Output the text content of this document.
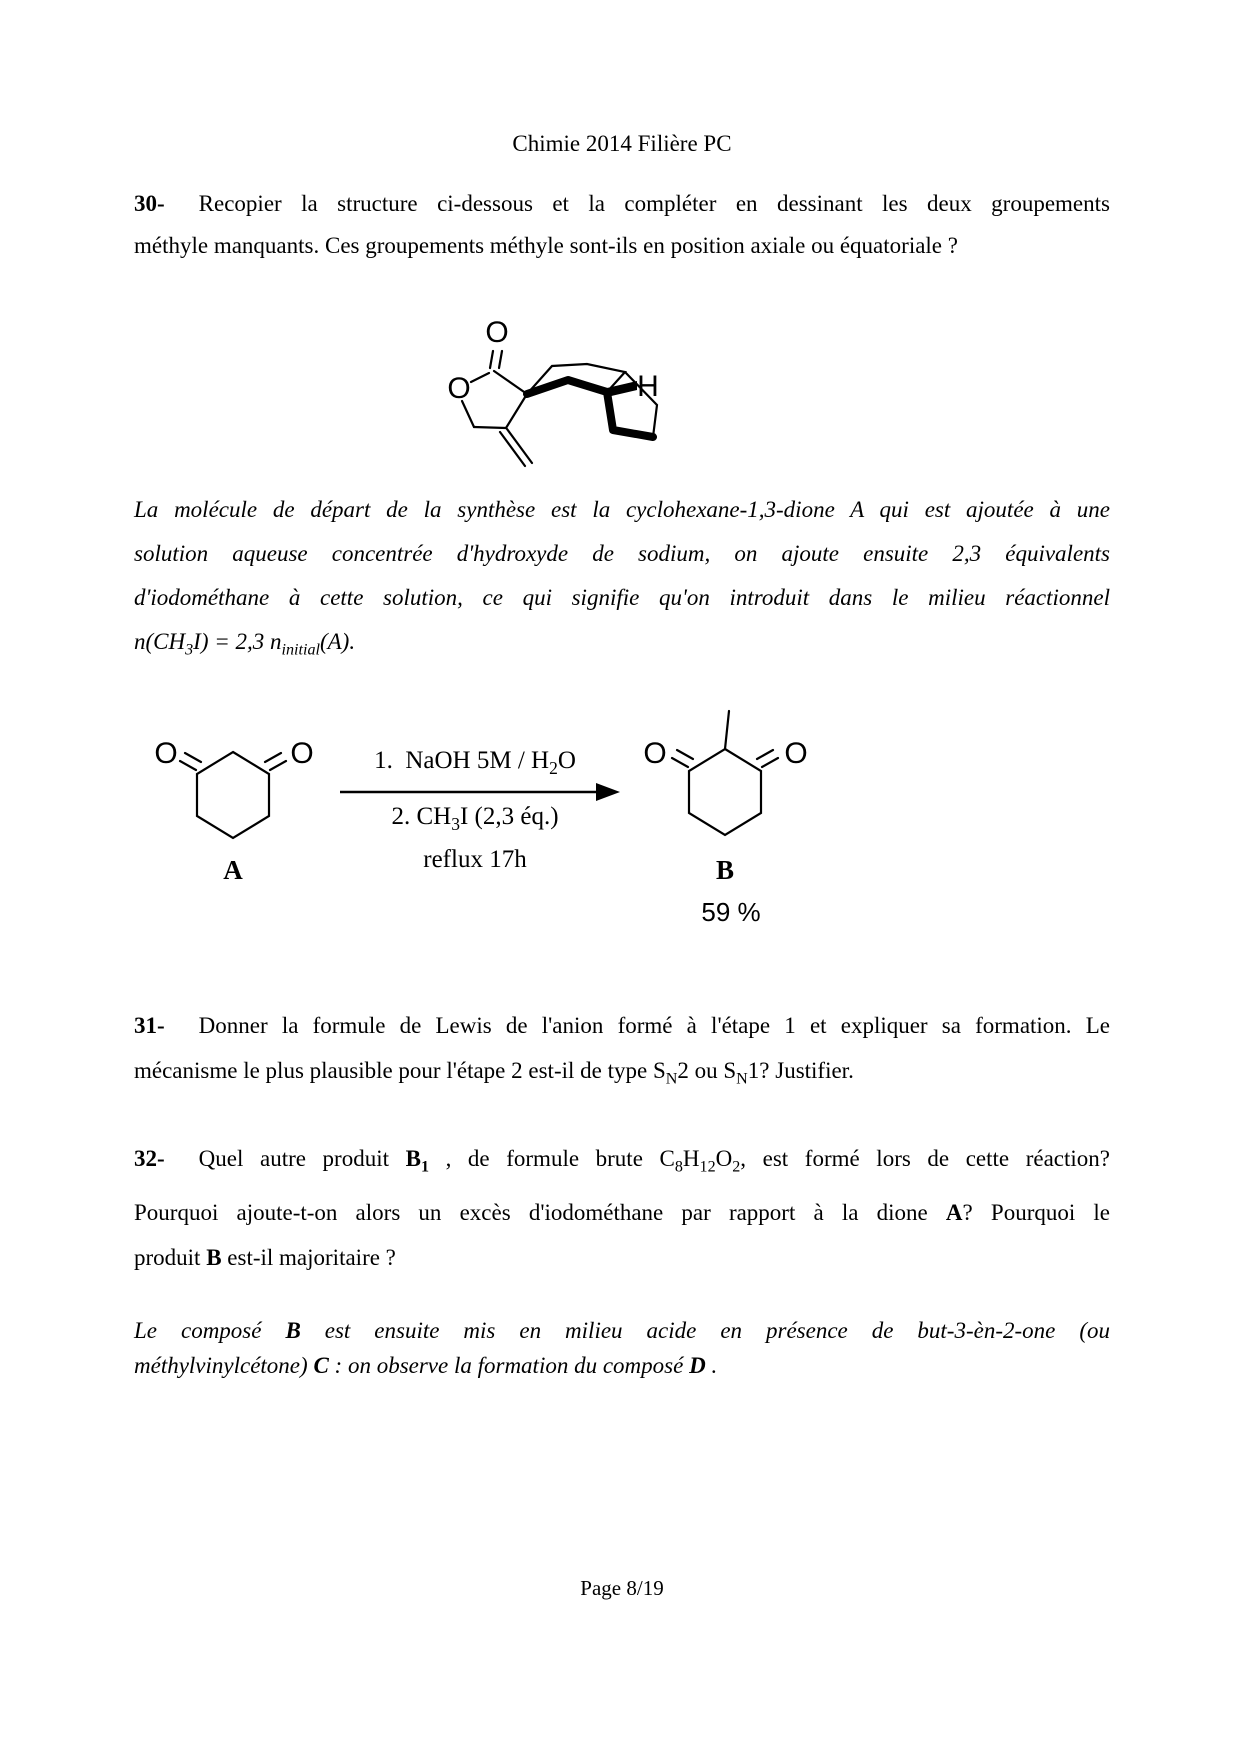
Chimie 2014 Filière PC
30- Recopier la structure ci-dessous et la compléter en dessinant les deux groupements
méthyle manquants. Ces groupements méthyle sont-ils en position axiale ou équatoriale ?
O
O	H
La molécule de départ de la synthèse est la cyclohexane-1,3-dione A qui est ajoutée à une
solution aqueuse concentrée d'hydroxyde de sodium, on ajoute ensuite 2,3 équivalents
d'iodométhane à cette solution, ce qui signifie qu'on introduit dans le milieu réactionnel
$n(CH_3I) = 2,3$ $n_{initial}(A)$.
O	O
A
O	O
B
59 %
1.  NaOH $5M / H_2O$
2. $CH_3I$ (2,3 éq.)
reflux 17h
31- Donner la formule de Lewis de l'anion formé à l'étape 1 et expliquer sa formation. Le
mécanisme le plus plausible pour l'étape 2 est-il de type $S_N2$ ou $S_N1$? Justifier.
32- Quel autre produit $B_1$ , de formule brute $C_8H_{12}O_2$, est formé lors de cette réaction?
Pourquoi ajoute-t-on alors un excès d'iodométhane par rapport à la dione A? Pourquoi le
produit B est-il majoritaire ?
Le composé B est ensuite mis en milieu acide en présence de but-3-èn-2-one (ou
méthylvinylcétone) C : on observe la formation du composé D .
Page 8/19
